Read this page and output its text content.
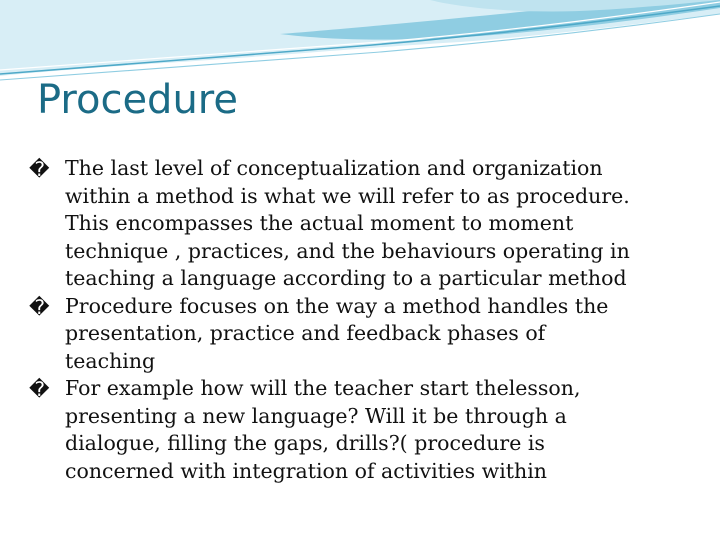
Procedure
� The last level of conceptualization and organization
within a method is what we will refer to as procedure.
This encompasses the actual moment to moment
technique , practices, and the behaviours operating in
teaching a language according to a particular method
� Procedure focuses on the way a method handles the
presentation, practice and feedback phases of
teaching
� For example how will the teacher start thelesson,
presenting a new language? Will it be through a
dialogue, filling the gaps, drills?( procedure is
concerned with integration of activities within
